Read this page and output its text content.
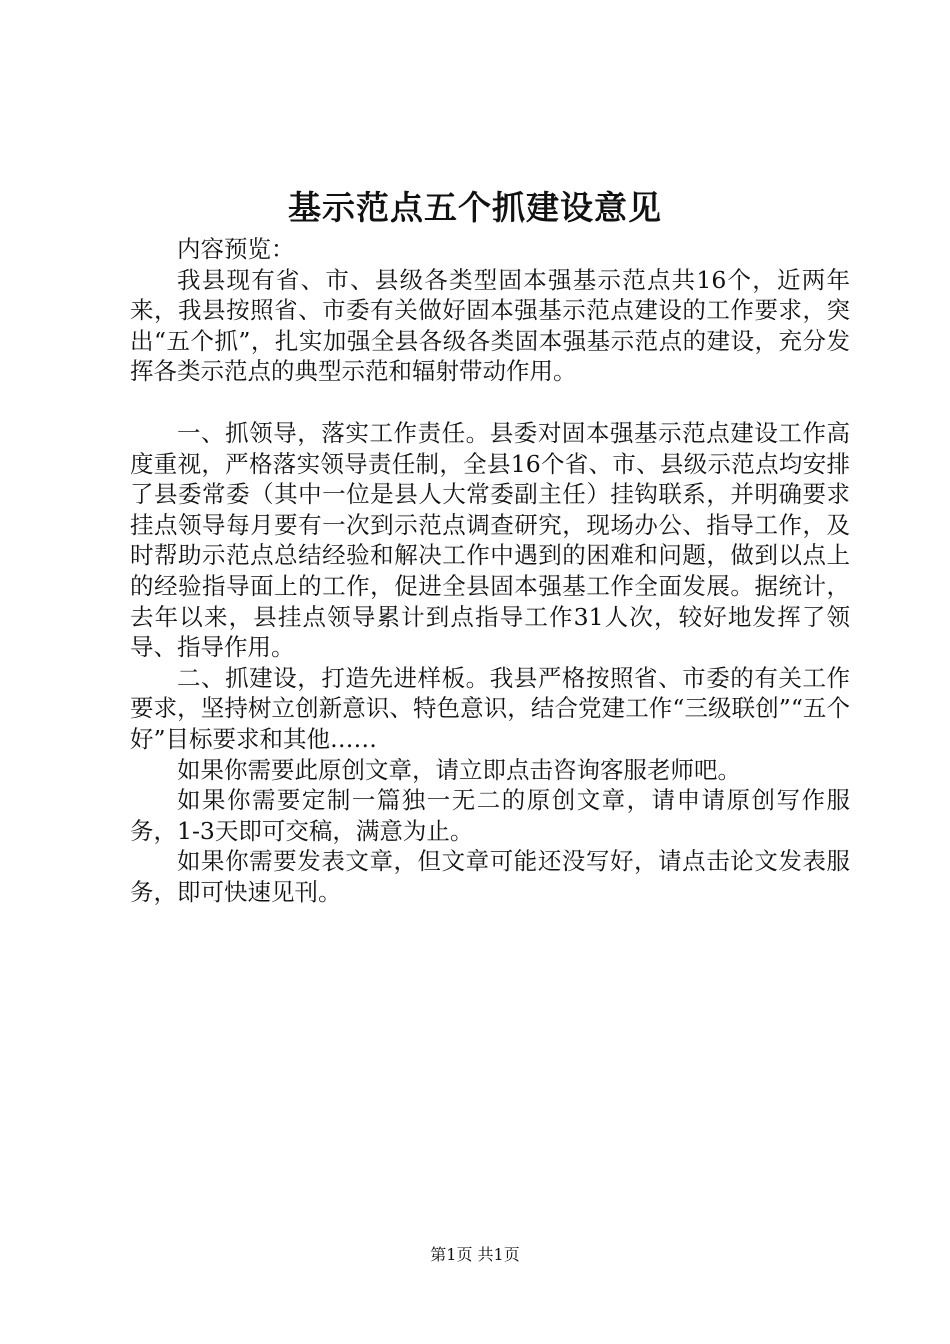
基示范点五个抓建设意见

内容预览：

我县现有省、市、县级各类型固本强基示范点共16个，近两年来，我县按照省、市委有关做好固本强基示范点建设的工作要求，突出“五个抓”，扎实加强全县各级各类固本强基示范点的建设，充分发挥各类示范点的典型示范和辐射带动作用。

一、抓领导，落实工作责任。县委对固本强基示范点建设工作高度重视，严格落实领导责任制，全县16个省、市、县级示范点均安排了县委常委（其中一位是县人大常委副主任）挂钩联系，并明确要求挂点领导每月要有一次到示范点调查研究，现场办公、指导工作，及时帮助示范点总结经验和解决工作中遇到的困难和问题，做到以点上的经验指导面上的工作，促进全县固本强基工作全面发展。据统计，去年以来，县挂点领导累计到点指导工作31人次，较好地发挥了领导、指导作用。

二、抓建设，打造先进样板。我县严格按照省、市委的有关工作要求，坚持树立创新意识、特色意识，结合党建工作“三级联创”“五个好”目标要求和其他……

如果你需要此原创文章，请立即点击咨询客服老师吧。

如果你需要定制一篇独一无二的原创文章，请申请原创写作服务，1-3天即可交稿，满意为止。

如果你需要发表文章，但文章可能还没写好，请点击论文发表服务，即可快速见刊。

第1页 共1页
